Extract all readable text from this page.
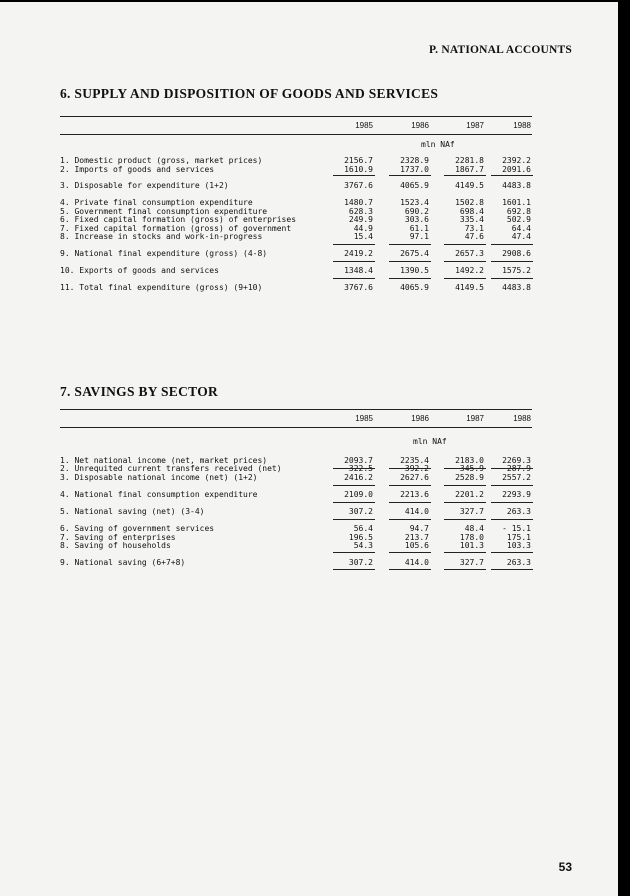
P. NATIONAL ACCOUNTS
6. SUPPLY AND DISPOSITION OF GOODS AND SERVICES
1985	1986	1987	1988
mln NAf
1. Domestic product (gross, market prices)	2156.7	2328.9	2281.8	2392.2
2. Imports of goods and services	1610.9	1737.0	1867.7	2091.6
3. Disposable for expenditure (1+2)	3767.6	4065.9	4149.5	4483.8
4. Private final consumption expenditure	1480.7	1523.4	1502.8	1601.1
5. Government final consumption expenditure	628.3	690.2	698.4	692.8
6. Fixed capital formation (gross) of enterprises	249.9	303.6	335.4	502.9
7. Fixed capital formation (gross) of government	44.9	61.1	73.1	64.4
8. Increase in stocks and work-in-progress	15.4	97.1	47.6	47.4
9. National final expenditure (gross) (4-8)	2419.2	2675.4	2657.3	2908.6
10. Exports of goods and services	1348.4	1390.5	1492.2	1575.2
11. Total final expenditure (gross) (9+10)	3767.6	4065.9	4149.5	4483.8
7. SAVINGS BY SECTOR
1985	1986	1987	1988
mln NAf
1. Net national income (net, market prices)	2093.7	2235.4	2183.0	2269.3
2. Unrequited current transfers received (net)	322.5	392.2	345.9	287.9
3. Disposable national income (net) (1+2)	2416.2	2627.6	2528.9	2557.2
4. National final consumption expenditure	2109.0	2213.6	2201.2	2293.9
5. National saving (net) (3-4)	307.2	414.0	327.7	263.3
6. Saving of government services	56.4	94.7	48.4	- 15.1
7. Saving of enterprises	196.5	213.7	178.0	175.1
8. Saving of households	54.3	105.6	101.3	103.3
9. National saving (6+7+8)	307.2	414.0	327.7	263.3
53
